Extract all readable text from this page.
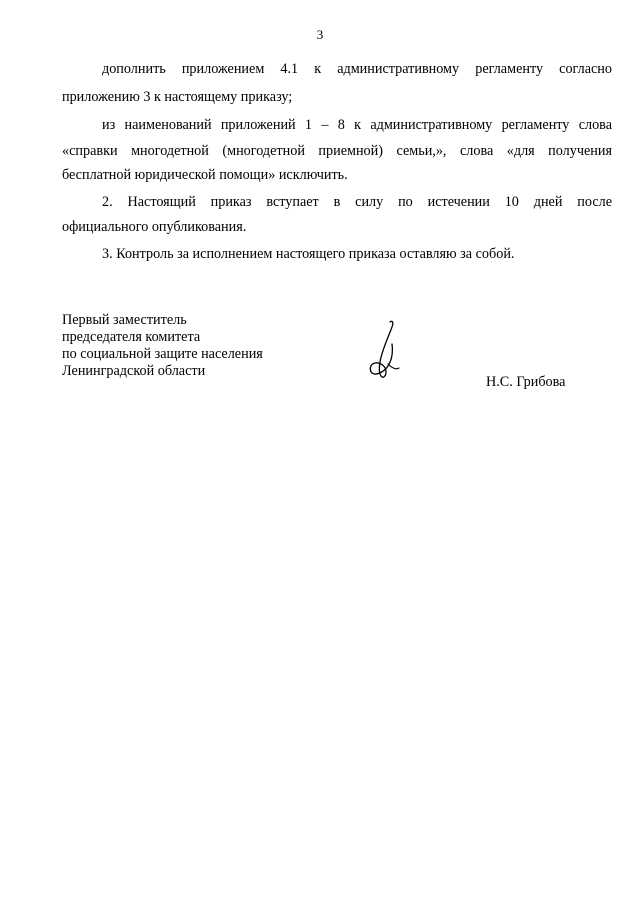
3
дополнить приложением 4.1 к административному регламенту согласно
приложению 3 к настоящему приказу;
из наименований приложений 1 – 8 к административному регламенту слова
«справки многодетной (многодетной приемной) семьи,», слова «для получения
бесплатной юридической помощи» исключить.
2. Настоящий приказ вступает в силу по истечении 10 дней после
официального опубликования.
3. Контроль за исполнением настоящего приказа оставляю за собой.
Первый заместитель
председателя комитета
по социальной защите населения
Ленинградской области
Н.С. Грибова
